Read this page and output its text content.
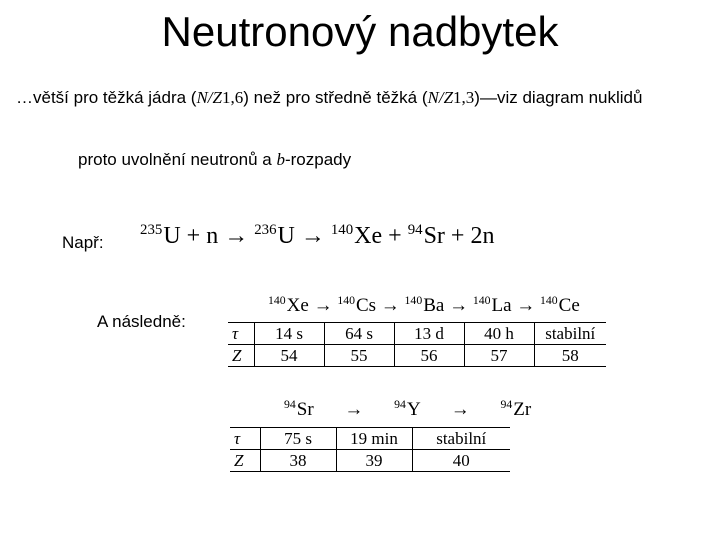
Neutronový nadbytek
…větší pro těžká jádra (N/Z1,6) než pro středně těžká (N/Z1,3)—viz diagram nuklidů
proto uvolnění neutronů a b-rozpady
Např:
$^{235}$U + n → $^{236}$U → $^{140}$Xe + $^{94}$Sr + 2n
A následně:
$^{140}$Xe → $^{140}$Cs → $^{140}$Ba → $^{140}$La → $^{140}$Ce
τ	14 s	64 s	13 d	40 h	stabilní
Z	54	55	56	57	58
$^{94}$Sr →	$^{94}$Y →	$^{94}$Zr
τ	75 s	19 min	stabilní
Z	38	39	40
